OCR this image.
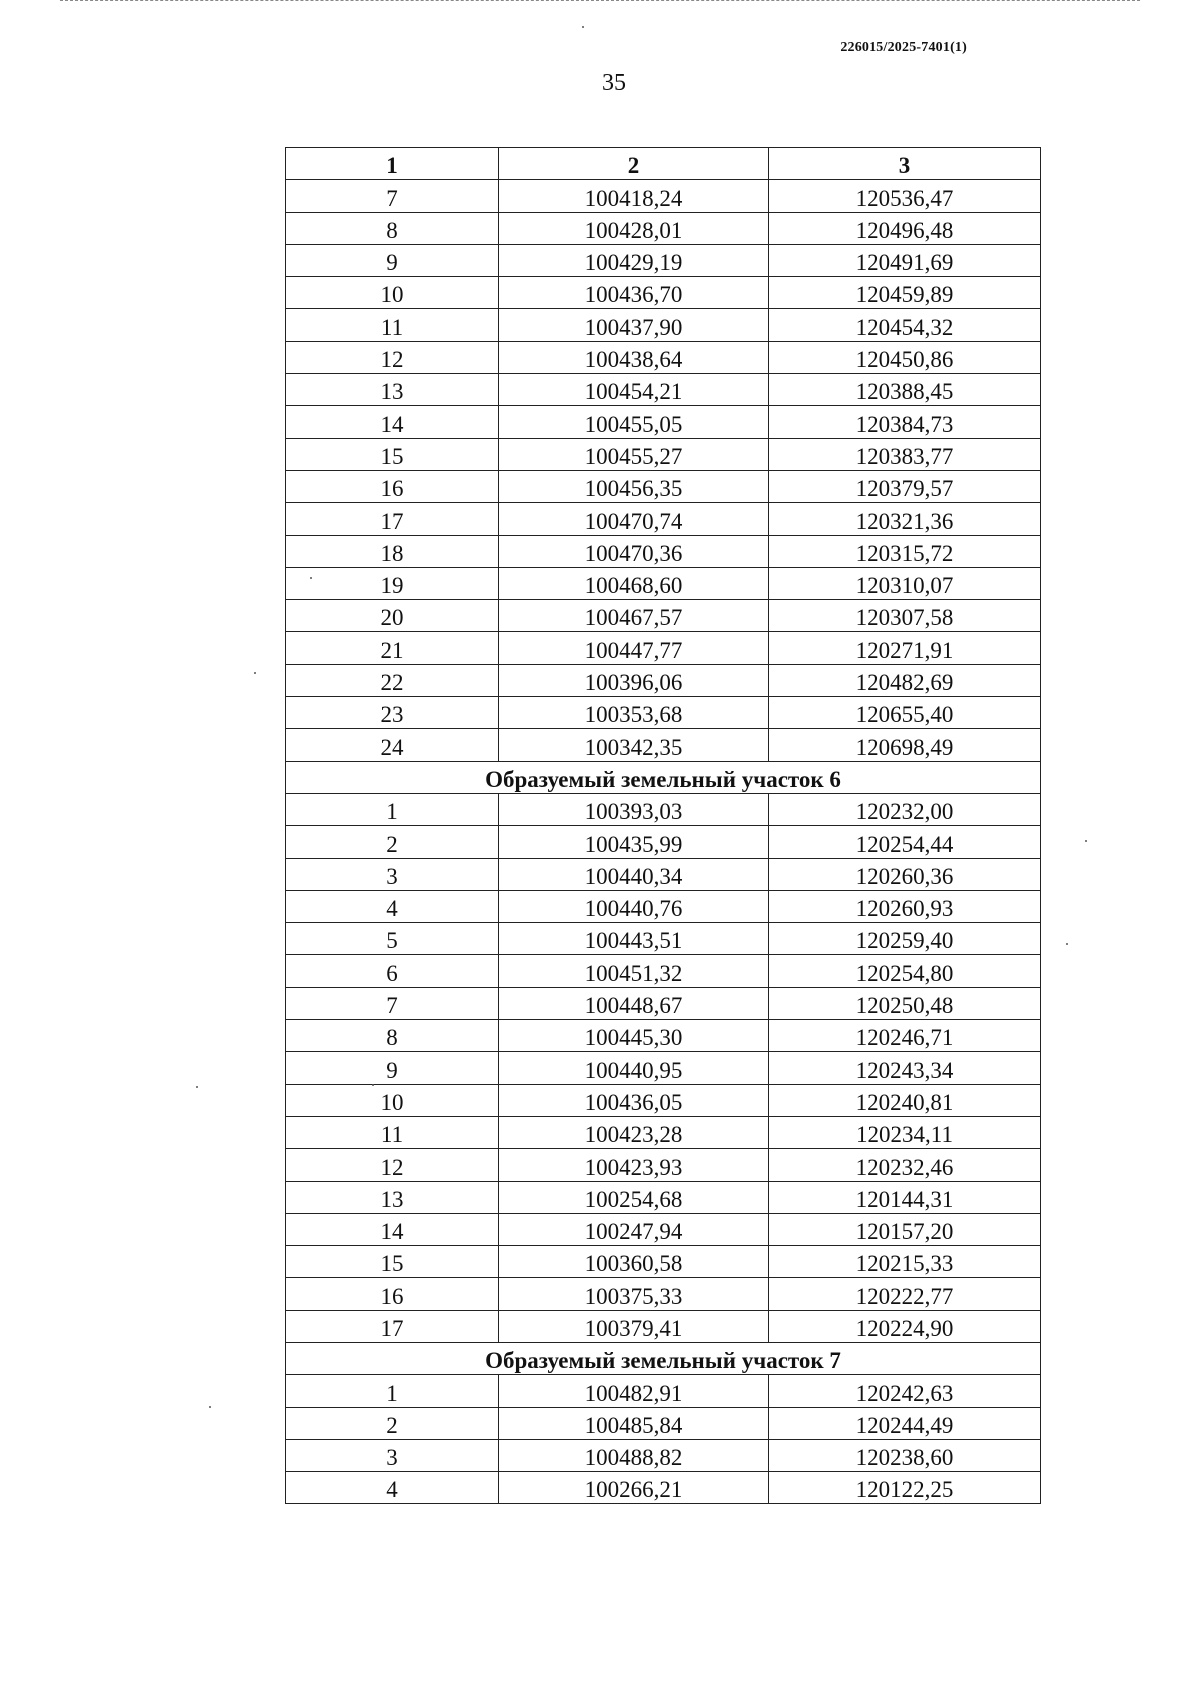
226015/2025-7401(1)
35
1	2	3
7	100418,24	120536,47
8	100428,01	120496,48
9	100429,19	120491,69
10	100436,70	120459,89
11	100437,90	120454,32
12	100438,64	120450,86
13	100454,21	120388,45
14	100455,05	120384,73
15	100455,27	120383,77
16	100456,35	120379,57
17	100470,74	120321,36
18	100470,36	120315,72
19	100468,60	120310,07
20	100467,57	120307,58
21	100447,77	120271,91
22	100396,06	120482,69
23	100353,68	120655,40
24	100342,35	120698,49
Образуемый земельный участок 6		
1	100393,03	120232,00
2	100435,99	120254,44
3	100440,34	120260,36
4	100440,76	120260,93
5	100443,51	120259,40
6	100451,32	120254,80
7	100448,67	120250,48
8	100445,30	120246,71
9	100440,95	120243,34
10	100436,05	120240,81
11	100423,28	120234,11
12	100423,93	120232,46
13	100254,68	120144,31
14	100247,94	120157,20
15	100360,58	120215,33
16	100375,33	120222,77
17	100379,41	120224,90
Образуемый земельный участок 7		
1	100482,91	120242,63
2	100485,84	120244,49
3	100488,82	120238,60
4	100266,21	120122,25
